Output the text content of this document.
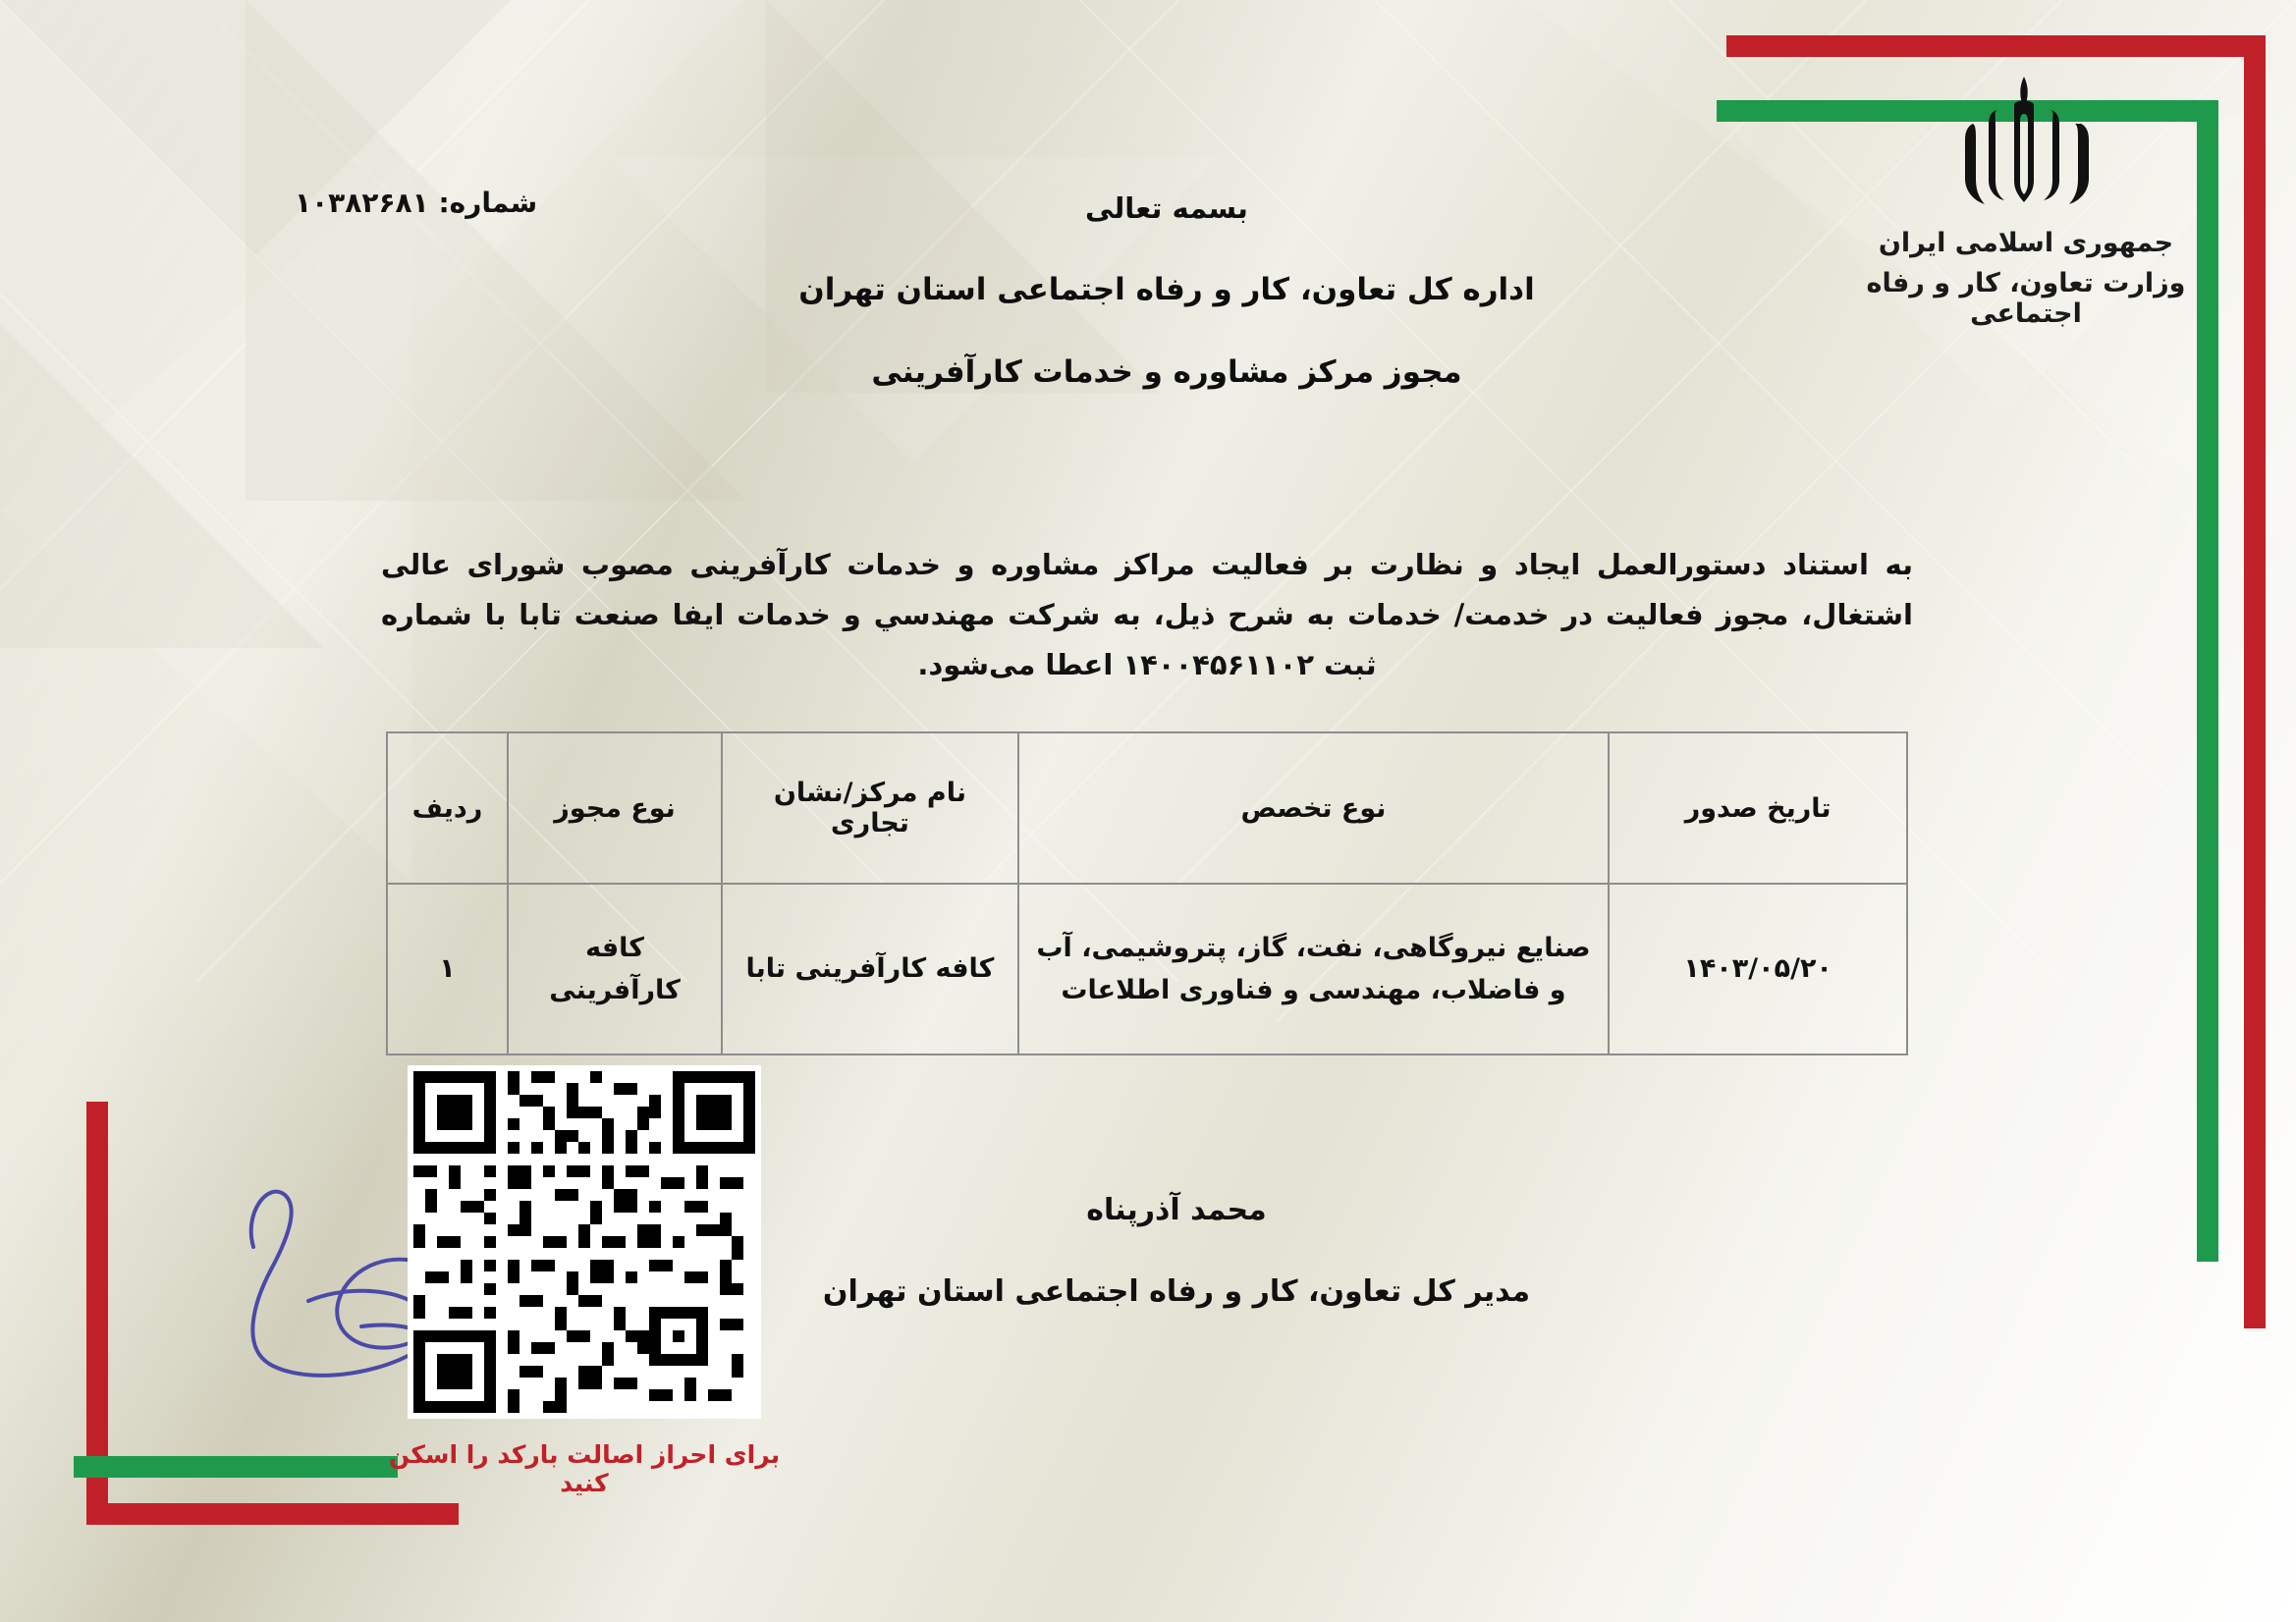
جمهوری اسلامی ایران
وزارت تعاون، کار و رفاه اجتماعی
شماره: ۱۰۳۸۲۶۸۱	بسمه تعالی
اداره کل تعاون، کار و رفاه اجتماعی استان تهران
مجوز مرکز مشاوره و خدمات کارآفرینی
به استناد دستورالعمل ایجاد و نظارت بر فعالیت مراکز مشاوره و خدمات کارآفرینی مصوب شورای عالی اشتغال، مجوز فعالیت در خدمت/ خدمات به شرح ذیل، به شرکت مهندسي و خدمات ایفا صنعت تابا با شماره ثبت ۱۴۰۰۴۵۶۱۱۰۲ اعطا می‌شود.
تاریخ صدور	نوع تخصص	نام مرکز/نشان تجاری	نوع مجوز	ردیف
۱۴۰۳/۰۵/۲۰	صنایع نیروگاهی، نفت، گاز، پتروشیمی، آب و فاضلاب، مهندسی و فناوری اطلاعات	کافه کارآفرینی تابا	کافه کارآفرینی	۱
محمد آذرپناه
مدیر کل تعاون، کار و رفاه اجتماعی استان تهران
برای احراز اصالت بارکد را اسکن کنید
